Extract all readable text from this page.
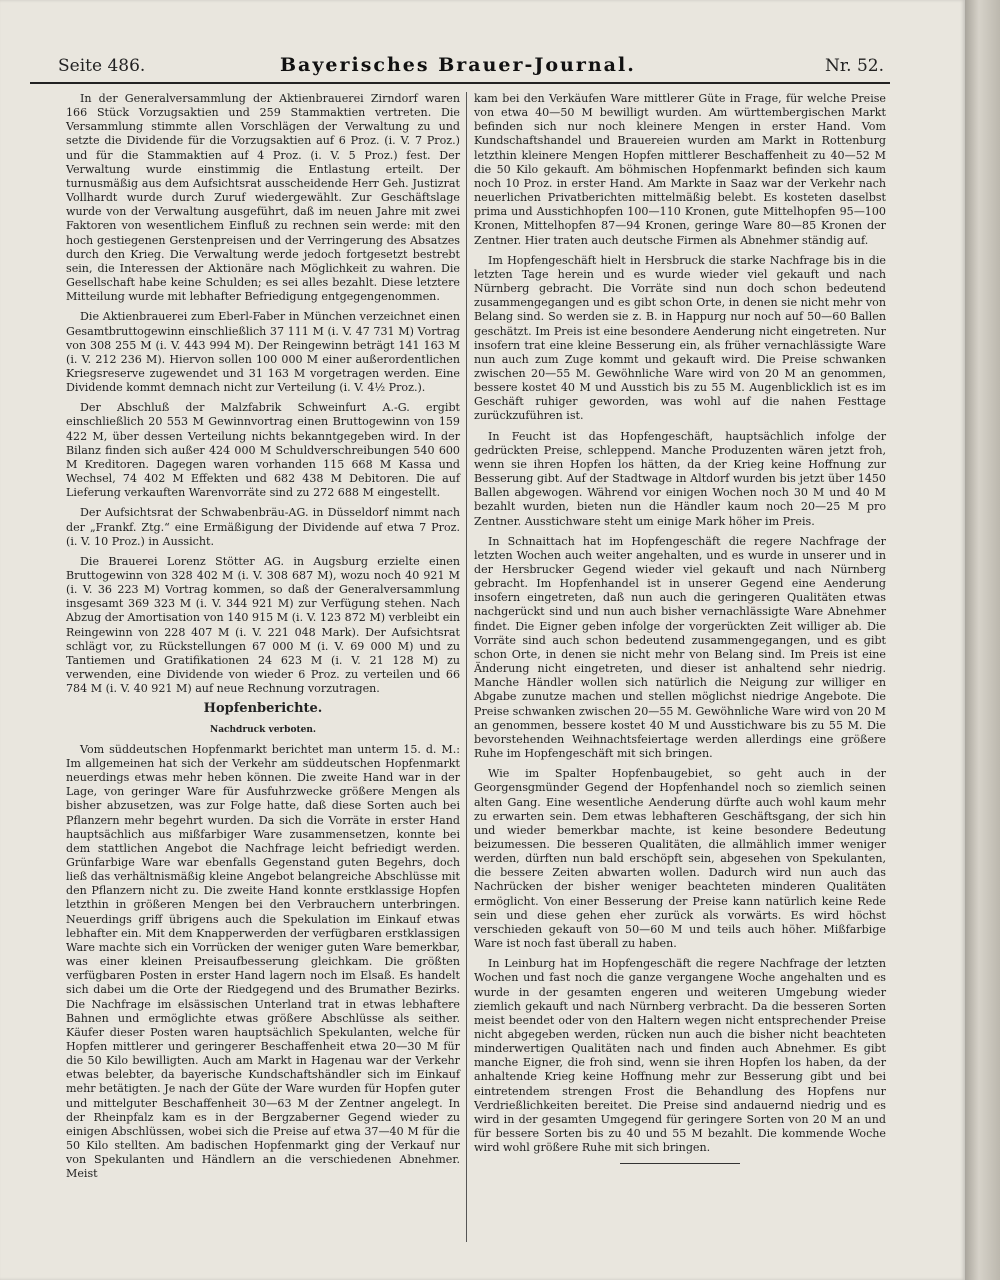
Seite 486.	Bayerisches Brauer-Journal.	Nr. 52.

In der Generalversammlung der Aktienbrauerei Zirndorf waren 166 Stück Vorzugsaktien und 259 Stammaktien vertreten. Die Versammlung stimmte allen Vorschlägen der Verwaltung zu und setzte die Dividende für die Vorzugsaktien auf 6 Proz. (i. V. 7 Proz.) und für die Stammaktien auf 4 Proz. (i. V. 5 Proz.) fest. Der Verwaltung wurde einstimmig die Entlastung erteilt. Der turnusmäßig aus dem Aufsichtsrat ausscheidende Herr Geh. Justizrat Vollhardt wurde durch Zuruf wiedergewählt. Zur Geschäftslage wurde von der Verwaltung ausgeführt, daß im neuen Jahre mit zwei Faktoren von wesentlichem Einfluß zu rechnen sein werde: mit den hoch gestiegenen Gerstenpreisen und der Verringerung des Absatzes durch den Krieg. Die Verwaltung werde jedoch fortgesetzt bestrebt sein, die Interessen der Aktionäre nach Möglichkeit zu wahren. Die Gesellschaft habe keine Schulden; es sei alles bezahlt. Diese letztere Mitteilung wurde mit lebhafter Befriedigung entgegengenommen.

Die Aktienbrauerei zum Eberl-Faber in München verzeichnet einen Gesamtbruttogewinn einschließlich 37 111 M (i. V. 47 731 M) Vortrag von 308 255 M (i. V. 443 994 M). Der Reingewinn beträgt 141 163 M (i. V. 212 236 M). Hiervon sollen 100 000 M einer außerordentlichen Kriegsreserve zugewendet und 31 163 M vorgetragen werden. Eine Dividende kommt demnach nicht zur Verteilung (i. V. 4½ Proz.).

Der Abschluß der Malzfabrik Schweinfurt A.-G. ergibt einschließlich 20 553 M Gewinnvortrag einen Bruttogewinn von 159 422 M, über dessen Verteilung nichts bekanntgegeben wird. In der Bilanz finden sich außer 424 000 M Schuldverschreibungen 540 600 M Kreditoren. Dagegen waren vorhanden 115 668 M Kassa und Wechsel, 74 402 M Effekten und 682 438 M Debitoren. Die auf Lieferung verkauften Warenvorräte sind zu 272 688 M eingestellt.

Der Aufsichtsrat der Schwabenbräu-AG. in Düsseldorf nimmt nach der „Frankf. Ztg.“ eine Ermäßigung der Dividende auf etwa 7 Proz. (i. V. 10 Proz.) in Aussicht.

Die Brauerei Lorenz Stötter AG. in Augsburg erzielte einen Bruttogewinn von 328 402 M (i. V. 308 687 M), wozu noch 40 921 M (i. V. 36 223 M) Vortrag kommen, so daß der Generalversammlung insgesamt 369 323 M (i. V. 344 921 M) zur Verfügung stehen. Nach Abzug der Amortisation von 140 915 M (i. V. 123 872 M) verbleibt ein Reingewinn von 228 407 M (i. V. 221 048 Mark). Der Aufsichtsrat schlägt vor, zu Rückstellungen 67 000 M (i. V. 69 000 M) und zu Tantiemen und Gratifikationen 24 623 M (i. V. 21 128 M) zu verwenden, eine Dividende von wieder 6 Proz. zu verteilen und 66 784 M (i. V. 40 921 M) auf neue Rechnung vorzutragen.

Hopfenberichte.

Nachdruck verboten.

Vom süddeutschen Hopfenmarkt berichtet man unterm 15. d. M.: Im allgemeinen hat sich der Verkehr am süddeutschen Hopfenmarkt neuerdings etwas mehr heben können. Die zweite Hand war in der Lage, von geringer Ware für Ausfuhrzwecke größere Mengen als bisher abzusetzen, was zur Folge hatte, daß diese Sorten auch bei Pflanzern mehr begehrt wurden. Da sich die Vorräte in erster Hand hauptsächlich aus mißfarbiger Ware zusammensetzen, konnte bei dem stattlichen Angebot die Nachfrage leicht befriedigt werden. Grünfarbige Ware war ebenfalls Gegenstand guten Begehrs, doch ließ das verhältnismäßig kleine Angebot belangreiche Abschlüsse mit den Pflanzern nicht zu. Die zweite Hand konnte erstklassige Hopfen letzthin in größeren Mengen bei den Verbrauchern unterbringen. Neuerdings griff übrigens auch die Spekulation im Einkauf etwas lebhafter ein. Mit dem Knapperwerden der verfügbaren erstklassigen Ware machte sich ein Vorrücken der weniger guten Ware bemerkbar, was einer kleinen Preisaufbesserung gleichkam. Die größten verfügbaren Posten in erster Hand lagern noch im Elsaß. Es handelt sich dabei um die Orte der Riedgegend und des Brumather Bezirks. Die Nachfrage im elsässischen Unterland trat in etwas lebhaftere Bahnen und ermöglichte etwas größere Abschlüsse als seither. Käufer dieser Posten waren hauptsächlich Spekulanten, welche für Hopfen mittlerer und geringerer Beschaffenheit etwa 20—30 M für die 50 Kilo bewilligten. Auch am Markt in Hagenau war der Verkehr etwas belebter, da bayerische Kundschaftshändler sich im Einkauf mehr betätigten. Je nach der Güte der Ware wurden für Hopfen guter und mittelguter Beschaffenheit 30—63 M der Zentner angelegt. In der Rheinpfalz kam es in der Bergzaberner Gegend wieder zu einigen Abschlüssen, wobei sich die Preise auf etwa 37—40 M für die 50 Kilo stellten. Am badischen Hopfenmarkt ging der Verkauf nur von Spekulanten und Händlern an die verschiedenen Abnehmer. Meist

kam bei den Verkäufen Ware mittlerer Güte in Frage, für welche Preise von etwa 40—50 M bewilligt wurden. Am württembergischen Markt befinden sich nur noch kleinere Mengen in erster Hand. Vom Kundschaftshandel und Brauereien wurden am Markt in Rottenburg letzthin kleinere Mengen Hopfen mittlerer Beschaffenheit zu 40—52 M die 50 Kilo gekauft. Am böhmischen Hopfenmarkt befinden sich kaum noch 10 Proz. in erster Hand. Am Markte in Saaz war der Verkehr nach neuerlichen Privatberichten mittelmäßig belebt. Es kosteten daselbst prima und Ausstichhopfen 100—110 Kronen, gute Mittelhopfen 95—100 Kronen, Mittelhopfen 87—94 Kronen, geringe Ware 80—85 Kronen der Zentner. Hier traten auch deutsche Firmen als Abnehmer ständig auf.

Im Hopfengeschäft hielt in Hersbruck die starke Nachfrage bis in die letzten Tage herein und es wurde wieder viel gekauft und nach Nürnberg gebracht. Die Vorräte sind nun doch schon bedeutend zusammengegangen und es gibt schon Orte, in denen sie nicht mehr von Belang sind. So werden sie z. B. in Happurg nur noch auf 50—60 Ballen geschätzt. Im Preis ist eine besondere Aenderung nicht eingetreten. Nur insofern trat eine kleine Besserung ein, als früher vernachlässigte Ware nun auch zum Zuge kommt und gekauft wird. Die Preise schwanken zwischen 20—55 M. Gewöhnliche Ware wird von 20 M an genommen, bessere kostet 40 M und Ausstich bis zu 55 M. Augenblicklich ist es im Geschäft ruhiger geworden, was wohl auf die nahen Festtage zurückzuführen ist.

In Feucht ist das Hopfengeschäft, hauptsächlich infolge der gedrückten Preise, schleppend. Manche Produzenten wären jetzt froh, wenn sie ihren Hopfen los hätten, da der Krieg keine Hoffnung zur Besserung gibt. Auf der Stadtwage in Altdorf wurden bis jetzt über 1450 Ballen abgewogen. Während vor einigen Wochen noch 30 M und 40 M bezahlt wurden, bieten nun die Händler kaum noch 20—25 M pro Zentner. Ausstichware steht um einige Mark höher im Preis.

In Schnaittach hat im Hopfengeschäft die regere Nachfrage der letzten Wochen auch weiter angehalten, und es wurde in unserer und in der Hersbrucker Gegend wieder viel gekauft und nach Nürnberg gebracht. Im Hopfenhandel ist in unserer Gegend eine Aenderung insofern eingetreten, daß nun auch die geringeren Qualitäten etwas nachgerückt sind und nun auch bisher vernachlässigte Ware Abnehmer findet. Die Eigner geben infolge der vorgerückten Zeit williger ab. Die Vorräte sind auch schon bedeutend zusammengegangen, und es gibt schon Orte, in denen sie nicht mehr von Belang sind. Im Preis ist eine Änderung nicht eingetreten, und dieser ist anhaltend sehr niedrig. Manche Händler wollen sich natürlich die Neigung zur williger en Abgabe zunutze machen und stellen möglichst niedrige Angebote. Die Preise schwanken zwischen 20—55 M. Gewöhnliche Ware wird von 20 M an genommen, bessere kostet 40 M und Ausstichware bis zu 55 M. Die bevorstehenden Weihnachtsfeiertage werden allerdings eine größere Ruhe im Hopfengeschäft mit sich bringen.

Wie im Spalter Hopfenbaugebiet, so geht auch in der Georgensgmünder Gegend der Hopfenhandel noch so ziemlich seinen alten Gang. Eine wesentliche Aenderung dürfte auch wohl kaum mehr zu erwarten sein. Dem etwas lebhafteren Geschäftsgang, der sich hin und wieder bemerkbar machte, ist keine besondere Bedeutung beizumessen. Die besseren Qualitäten, die allmählich immer weniger werden, dürften nun bald erschöpft sein, abgesehen von Spekulanten, die bessere Zeiten abwarten wollen. Dadurch wird nun auch das Nachrücken der bisher weniger beachteten minderen Qualitäten ermöglicht. Von einer Besserung der Preise kann natürlich keine Rede sein und diese gehen eher zurück als vorwärts. Es wird höchst verschieden gekauft von 50—60 M und teils auch höher. Mißfarbige Ware ist noch fast überall zu haben.

In Leinburg hat im Hopfengeschäft die regere Nachfrage der letzten Wochen und fast noch die ganze vergangene Woche angehalten und es wurde in der gesamten engeren und weiteren Umgebung wieder ziemlich gekauft und nach Nürnberg verbracht. Da die besseren Sorten meist beendet oder von den Haltern wegen nicht entsprechender Preise nicht abgegeben werden, rücken nun auch die bisher nicht beachteten minderwertigen Qualitäten nach und finden auch Abnehmer. Es gibt manche Eigner, die froh sind, wenn sie ihren Hopfen los haben, da der anhaltende Krieg keine Hoffnung mehr zur Besserung gibt und bei eintretendem strengen Frost die Behandlung des Hopfens nur Verdrießlichkeiten bereitet. Die Preise sind andauernd niedrig und es wird in der gesamten Umgegend für geringere Sorten von 20 M an und für bessere Sorten bis zu 40 und 55 M bezahlt. Die kommende Woche wird wohl größere Ruhe mit sich bringen.
